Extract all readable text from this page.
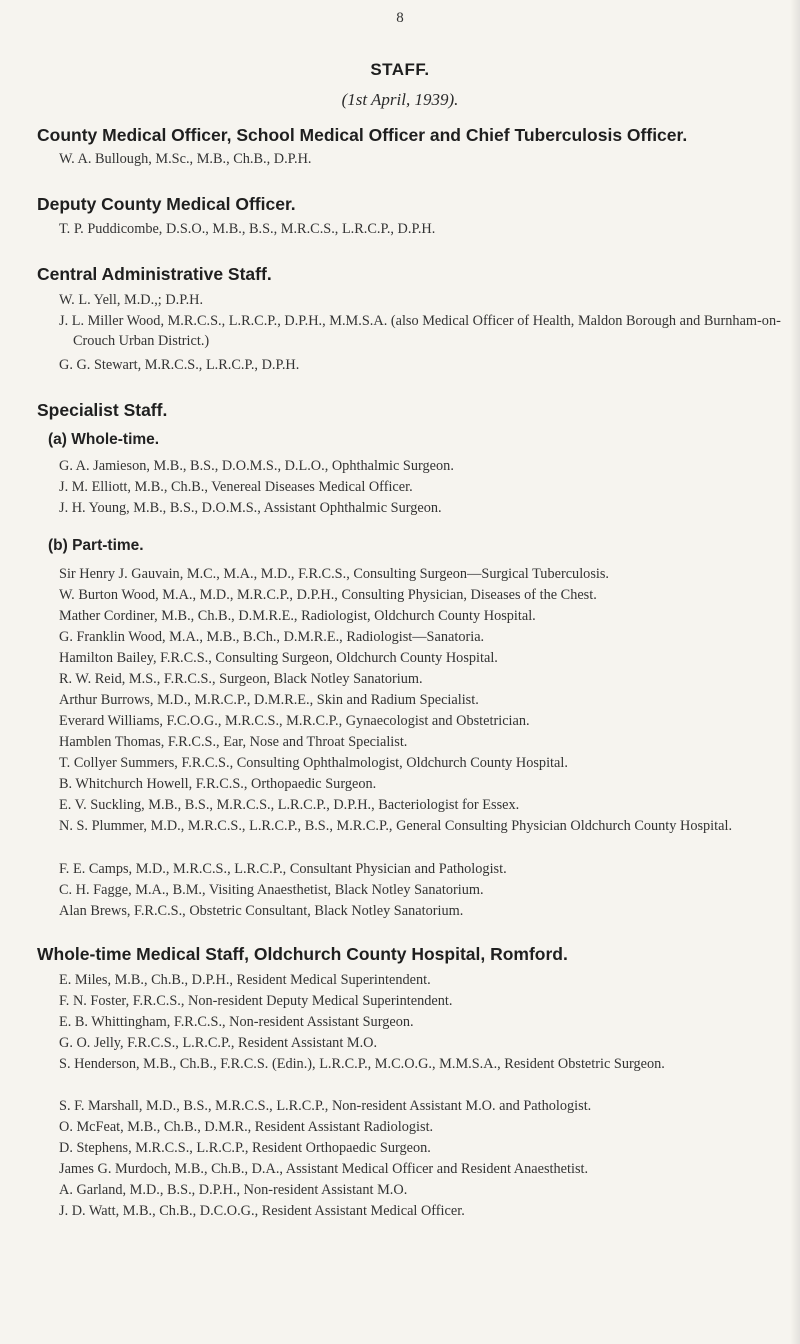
8
STAFF.
(1st April, 1939).
County Medical Officer, School Medical Officer and Chief Tuberculosis Officer.
W. A. Bullough, M.Sc., M.B., Ch.B., D.P.H.
Deputy County Medical Officer.
T. P. Puddicombe, D.S.O., M.B., B.S., M.R.C.S., L.R.C.P., D.P.H.
Central Administrative Staff.
W. L. Yell, M.D.,; D.P.H.
J. L. Miller Wood, M.R.C.S., L.R.C.P., D.P.H., M.M.S.A. (also Medical Officer of Health, Maldon Borough and Burnham-on-Crouch Urban District.)
G. G. Stewart, M.R.C.S., L.R.C.P., D.P.H.
Specialist Staff.
(a) Whole-time.
G. A. Jamieson, M.B., B.S., D.O.M.S., D.L.O., Ophthalmic Surgeon.
J. M. Elliott, M.B., Ch.B., Venereal Diseases Medical Officer.
J. H. Young, M.B., B.S., D.O.M.S., Assistant Ophthalmic Surgeon.
(b) Part-time.
Sir Henry J. Gauvain, M.C., M.A., M.D., F.R.C.S., Consulting Surgeon—Surgical Tuberculosis.
W. Burton Wood, M.A., M.D., M.R.C.P., D.P.H., Consulting Physician, Diseases of the Chest.
Mather Cordiner, M.B., Ch.B., D.M.R.E., Radiologist, Oldchurch County Hospital.
G. Franklin Wood, M.A., M.B., B.Ch., D.M.R.E., Radiologist—Sanatoria.
Hamilton Bailey, F.R.C.S., Consulting Surgeon, Oldchurch County Hospital.
R. W. Reid, M.S., F.R.C.S., Surgeon, Black Notley Sanatorium.
Arthur Burrows, M.D., M.R.C.P., D.M.R.E., Skin and Radium Specialist.
Everard Williams, F.C.O.G., M.R.C.S., M.R.C.P., Gynaecologist and Obstetrician.
Hamblen Thomas, F.R.C.S., Ear, Nose and Throat Specialist.
T. Collyer Summers, F.R.C.S., Consulting Ophthalmologist, Oldchurch County Hospital.
B. Whitchurch Howell, F.R.C.S., Orthopaedic Surgeon.
E. V. Suckling, M.B., B.S., M.R.C.S., L.R.C.P., D.P.H., Bacteriologist for Essex.
N. S. Plummer, M.D., M.R.C.S., L.R.C.P., B.S., M.R.C.P., General Consulting Physician Oldchurch County Hospital.
F. E. Camps, M.D., M.R.C.S., L.R.C.P., Consultant Physician and Pathologist.
C. H. Fagge, M.A., B.M., Visiting Anaesthetist, Black Notley Sanatorium.
Alan Brews, F.R.C.S., Obstetric Consultant, Black Notley Sanatorium.
Whole-time Medical Staff, Oldchurch County Hospital, Romford.
E. Miles, M.B., Ch.B., D.P.H., Resident Medical Superintendent.
F. N. Foster, F.R.C.S., Non-resident Deputy Medical Superintendent.
E. B. Whittingham, F.R.C.S., Non-resident Assistant Surgeon.
G. O. Jelly, F.R.C.S., L.R.C.P., Resident Assistant M.O.
S. Henderson, M.B., Ch.B., F.R.C.S. (Edin.), L.R.C.P., M.C.O.G., M.M.S.A., Resident Obstetric Surgeon.
S. F. Marshall, M.D., B.S., M.R.C.S., L.R.C.P., Non-resident Assistant M.O. and Pathologist.
O. McFeat, M.B., Ch.B., D.M.R., Resident Assistant Radiologist.
D. Stephens, M.R.C.S., L.R.C.P., Resident Orthopaedic Surgeon.
James G. Murdoch, M.B., Ch.B., D.A., Assistant Medical Officer and Resident Anaesthetist.
A. Garland, M.D., B.S., D.P.H., Non-resident Assistant M.O.
J. D. Watt, M.B., Ch.B., D.C.O.G., Resident Assistant Medical Officer.
